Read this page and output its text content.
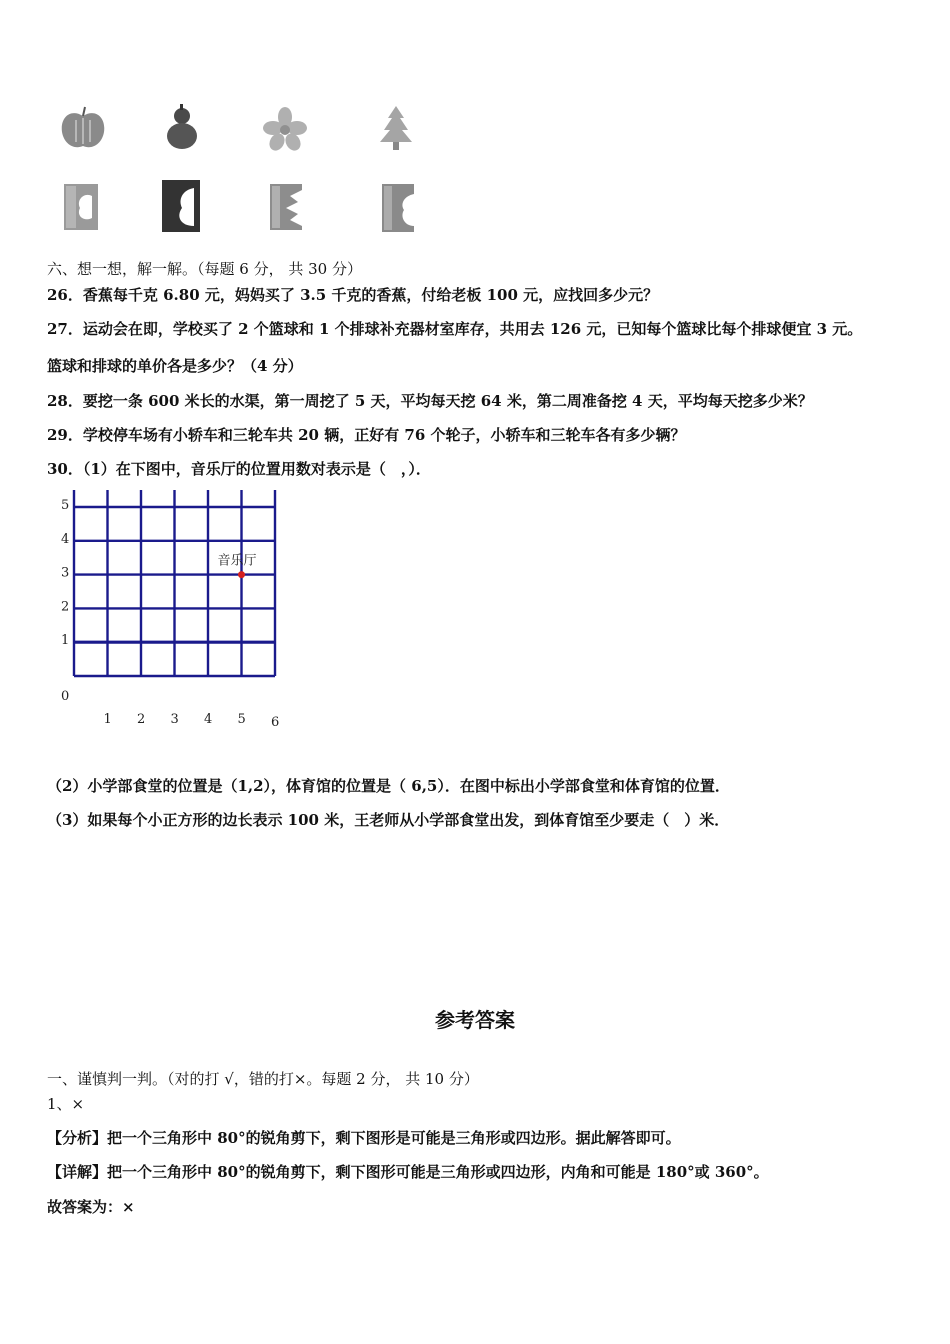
六、想一想，解一解。（每题 6 分， 共 30 分）
26．香蕉每千克 6.80 元，妈妈买了 3.5 千克的香蕉，付给老板 100 元，应找回多少元？
27．运动会在即，学校买了 2 个篮球和 1 个排球补充器材室库存，共用去 126 元，已知每个篮球比每个排球便宜 3 元。
篮球和排球的单价各是多少？（4 分）
28．要挖一条 600 米长的水渠，第一周挖了 5 天，平均每天挖 64 米，第二周准备挖 4 天，平均每天挖多少米？
29．学校停车场有小轿车和三轮车共 20 辆，正好有 76 个轮子，小轿车和三轮车各有多少辆？
30．（1）在下图中，音乐厅的位置用数对表示是（　，）．
1 2 3 4 5 6
0
1
2
3
4
5
音乐厅
（2）小学部食堂的位置是（1,2），体育馆的位置是（ 6,5）．在图中标出小学部食堂和体育馆的位置．
（3）如果每个小正方形的边长表示 100 米，王老师从小学部食堂出发，到体育馆至少要走（　）米．
参考答案
一、谨慎判一判。（对的打 √，错的打×。每题 2 分， 共 10 分）
1、×
【分析】把一个三角形中 80°的锐角剪下，剩下图形是可能是三角形或四边形。据此解答即可。
【详解】把一个三角形中 80°的锐角剪下，剩下图形可能是三角形或四边形，内角和可能是 180°或 360°。
故答案为：×
